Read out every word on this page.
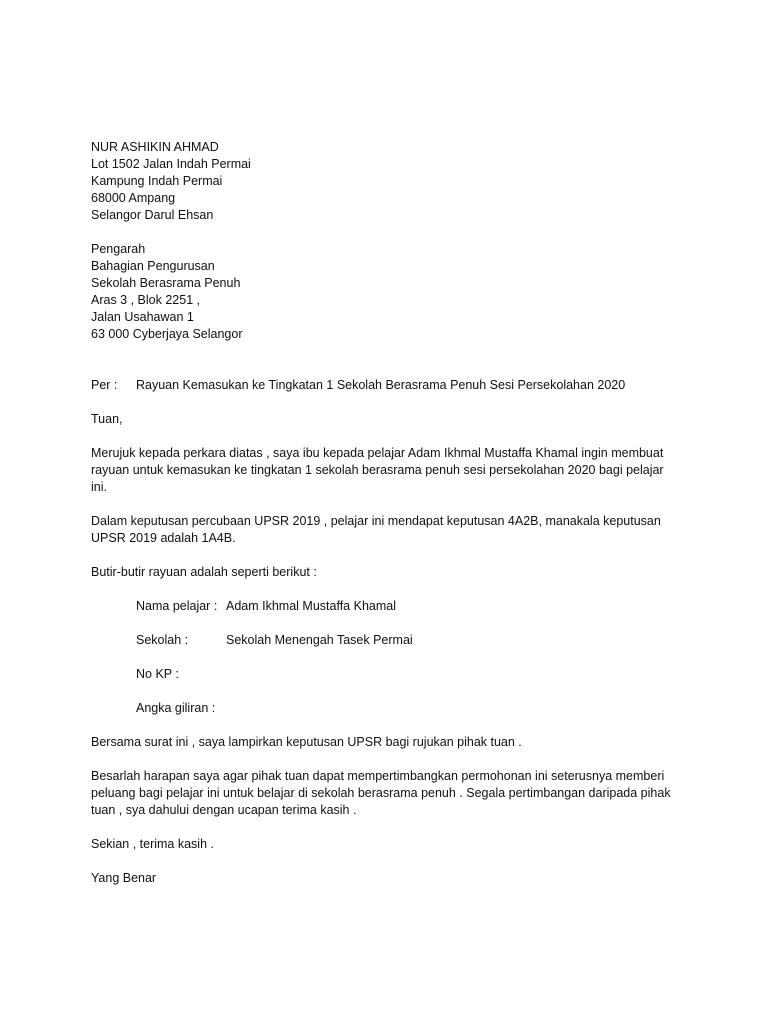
NUR ASHIKIN AHMAD
Lot 1502 Jalan Indah Permai
Kampung Indah Permai
68000 Ampang
Selangor Darul Ehsan
Pengarah
Bahagian Pengurusan
Sekolah Berasrama Penuh
Aras 3 , Blok 2251 ,
Jalan Usahawan 1
63 000 Cyberjaya Selangor
Per :	Rayuan Kemasukan ke Tingkatan 1 Sekolah Berasrama Penuh Sesi Persekolahan 2020
Tuan,
Merujuk kepada perkara diatas , saya ibu kepada pelajar Adam Ikhmal Mustaffa Khamal ingin membuat
rayuan untuk kemasukan ke tingkatan 1 sekolah berasrama penuh sesi persekolahan 2020 bagi pelajar
ini.
Dalam keputusan percubaan UPSR 2019 , pelajar ini mendapat keputusan 4A2B, manakala keputusan
UPSR 2019 adalah 1A4B.
Butir-butir rayuan adalah seperti berikut :
Nama pelajar : Adam Ikhmal Mustaffa Khamal
Sekolah :	Sekolah Menengah Tasek Permai
No KP :
Angka giliran :
Bersama surat ini , saya lampirkan keputusan UPSR bagi rujukan pihak tuan .
Besarlah harapan saya agar pihak tuan dapat mempertimbangkan permohonan ini seterusnya memberi
peluang bagi pelajar ini untuk belajar di sekolah berasrama penuh . Segala pertimbangan daripada pihak
tuan , sya dahului dengan ucapan terima kasih .
Sekian , terima kasih .
Yang Benar
